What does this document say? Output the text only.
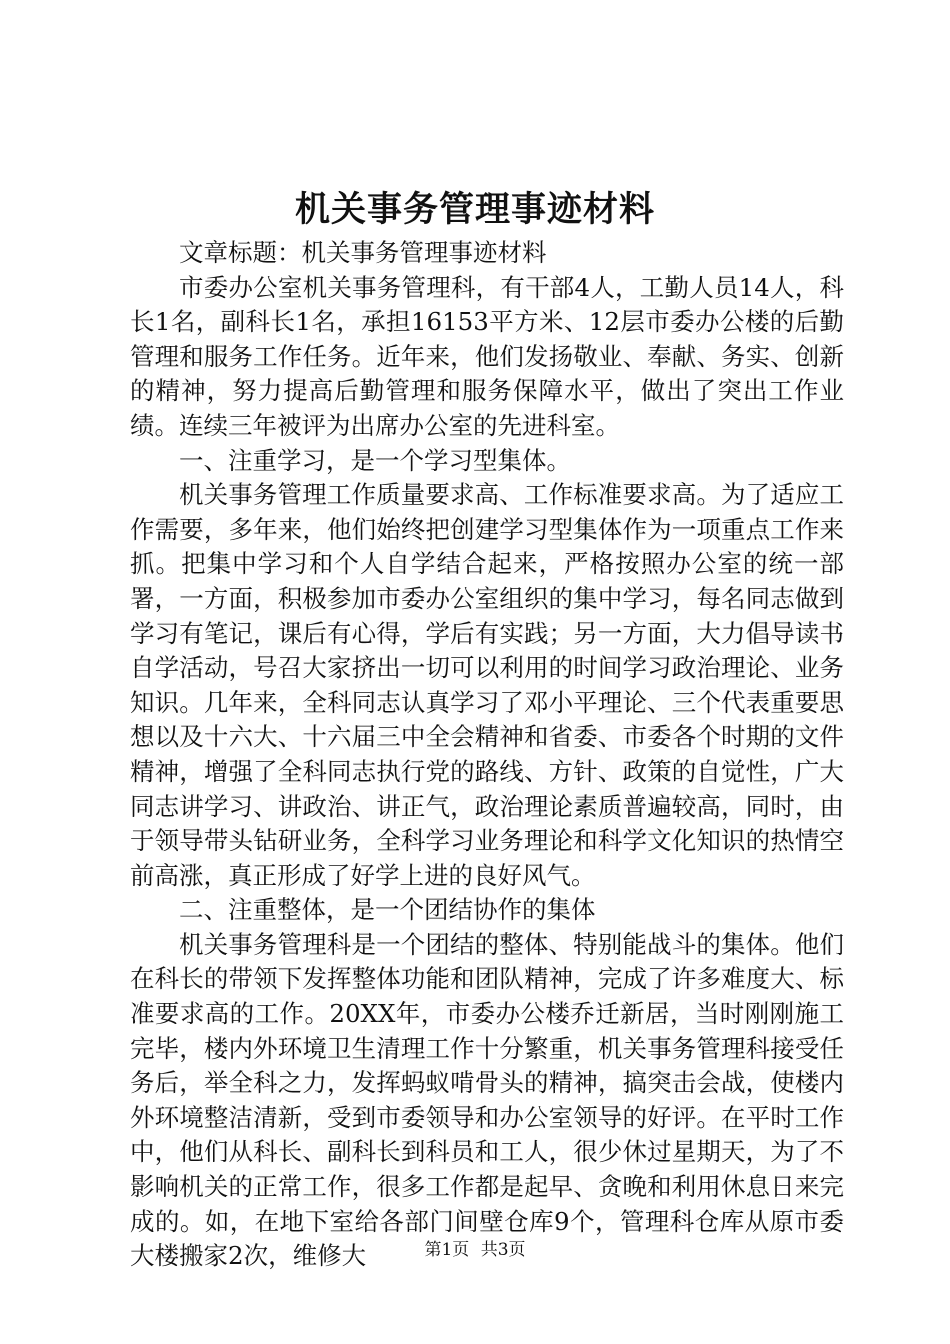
机关事务管理事迹材料

文章标题：机关事务管理事迹材料

市委办公室机关事务管理科，有干部4人，工勤人员14人，科长1名，副科长1名，承担16153平方米、12层市委办公楼的后勤管理和服务工作任务。近年来，他们发扬敬业、奉献、务实、创新的精神，努力提高后勤管理和服务保障水平，做出了突出工作业绩。连续三年被评为出席办公室的先进科室。

一、注重学习，是一个学习型集体。

机关事务管理工作质量要求高、工作标准要求高。为了适应工作需要，多年来，他们始终把创建学习型集体作为一项重点工作来抓。把集中学习和个人自学结合起来，严格按照办公室的统一部署，一方面，积极参加市委办公室组织的集中学习，每名同志做到学习有笔记，课后有心得，学后有实践；另一方面，大力倡导读书自学活动，号召大家挤出一切可以利用的时间学习政治理论、业务知识。几年来，全科同志认真学习了邓小平理论、三个代表重要思想以及十六大、十六届三中全会精神和省委、市委各个时期的文件精神，增强了全科同志执行党的路线、方针、政策的自觉性，广大同志讲学习、讲政治、讲正气，政治理论素质普遍较高，同时，由于领导带头钻研业务，全科学习业务理论和科学文化知识的热情空前高涨，真正形成了好学上进的良好风气。

二、注重整体，是一个团结协作的集体

机关事务管理科是一个团结的整体、特别能战斗的集体。他们在科长的带领下发挥整体功能和团队精神，完成了许多难度大、标准要求高的工作。20XX年，市委办公楼乔迁新居，当时刚刚施工完毕，楼内外环境卫生清理工作十分繁重，机关事务管理科接受任务后，举全科之力，发挥蚂蚁啃骨头的精神，搞突击会战，使楼内外环境整洁清新，受到市委领导和办公室领导的好评。在平时工作中，他们从科长、副科长到科员和工人，很少休过星期天，为了不影响机关的正常工作，很多工作都是起早、贪晚和利用休息日来完成的。如，在地下室给各部门间壁仓库9个，管理科仓库从原市委大楼搬家2次，维修大	第1页 共3页
